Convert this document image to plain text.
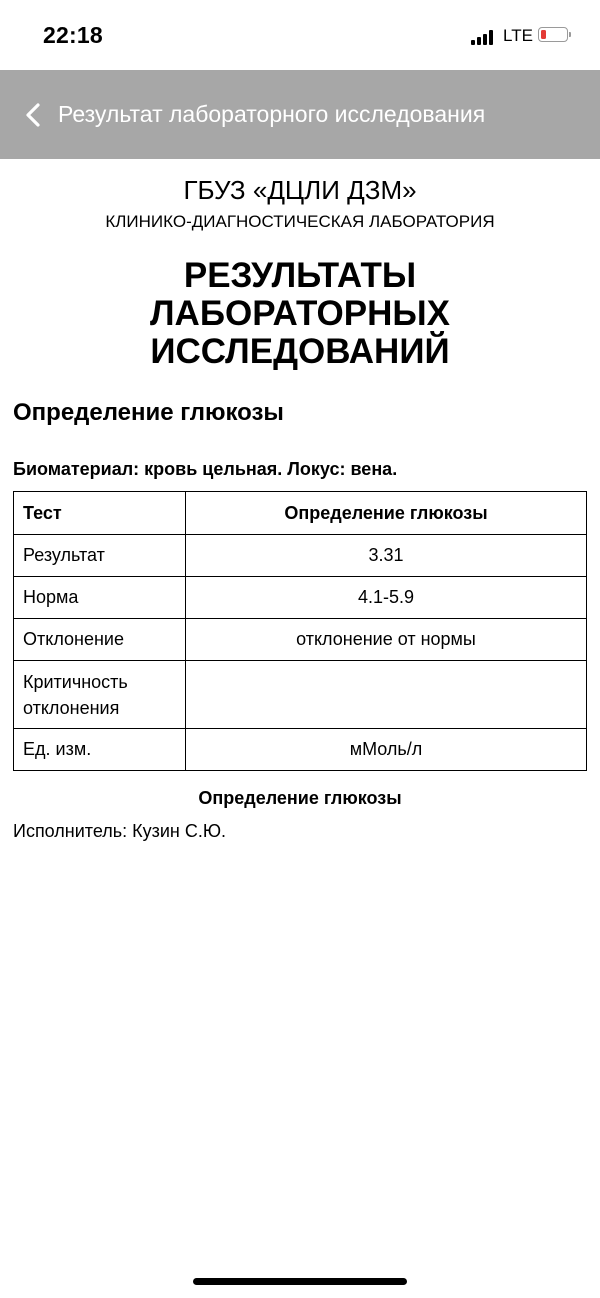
22:18	LTE
Результат лабораторного исследования
ГБУЗ «ДЦЛИ ДЗМ»
КЛИНИКО-ДИАГНОСТИЧЕСКАЯ ЛАБОРАТОРИЯ
РЕЗУЛЬТАТЫ
ЛАБОРАТОРНЫХ
ИССЛЕДОВАНИЙ
Определение глюкозы
Биоматериал: кровь цельная. Локус: вена.
Тест	Определение глюкозы
Результат	3.31
Норма	4.1-5.9
Отклонение	отклонение от нормы
Критичность отклонения	
Ед. изм.	мМоль/л
Определение глюкозы
Исполнитель: Кузин С.Ю.
